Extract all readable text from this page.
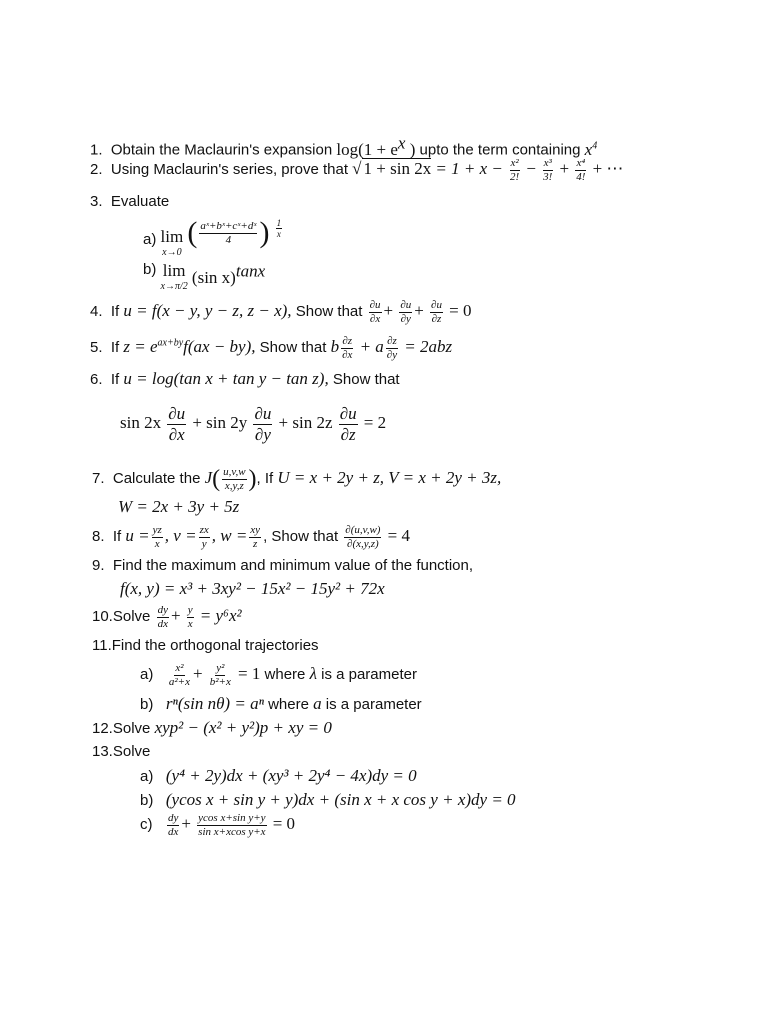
1. Obtain the Maclaurin's expansion $\log(1 + e^x$ ) upto the term containing $x^4$
2. Using Maclaurin's series, prove that √ $1 + \sin 2x = 1 + x - \frac{\text{x²}}{2!} - \frac{\text{x³}}{3!} + \frac{\text{x⁴}}{4!}$ + ⋯
3. Evaluate
a) lim
x→0
( $\frac{\text{aˣ+bˣ+cˣ+dˣ}}{4}$ ) $\frac{1}{x}$
b) lim
x→π/2 (sin x)$^{tanx}$
4. If u = f(x − y, y − z, z − x), Show that $\frac{\partial u}{\partial x} + \frac{\partial u}{\partial y} + \frac{\partial u}{\partial z} = 0$
5. If $z = e^{ax+by}f(ax - by)$, Show that b $\frac{\partial z}{\partial x} + a \frac{\partial z}{\partial y} = 2abz$
6. If u = log(tan x + tan y − tan z), Show that
$\sin 2x \frac{\partial u}{\partial x} + \sin 2y \frac{\partial u}{\partial y} + \sin 2z \frac{\partial u}{\partial z} = 2$
7. Calculate the $J( \frac{u,v,w}{x,y,z}$ ), If U = x + 2y + z, V = x + 2y + 3z,
W = 2x + 3y + 5z
8. If $u = \frac{yz}{x}$ , $v = \frac{zx}{y}$ , $w = \frac{xy}{z}$ , Show that $\frac{\partial(u,v,w)}{\partial(x,y,z)} = 4$
9. Find the maximum and minimum value of the function,
f(x, y) = x³ + 3xy² − 15x² − 15y² + 72x
10.Solve $\frac{dy}{dx} + \frac{y}{x} = y^6x^2$
11.Find the orthogonal trajectories
$a) \frac{\text{x²}}{\text{a²+x}} + \frac{\text{y²}}{\text{b²+x}} = 1$ where λ is a parameter
b) rⁿ(sin nθ) = aⁿ where a is a parameter
12.Solve xyp² − (x² + y²)p + xy = 0
13.Solve
a) (y⁴ + 2y)dx + (xy³ + 2y⁴ − 4x)dy = 0
b) (ycos x + sin y + y)dx + (sin x + x cos y + x)dy = 0
$c) \frac{dy}{dx} + \frac{\text{ycos x+sin y+y}}{\text{sin x+xcos y+x}} = 0$
